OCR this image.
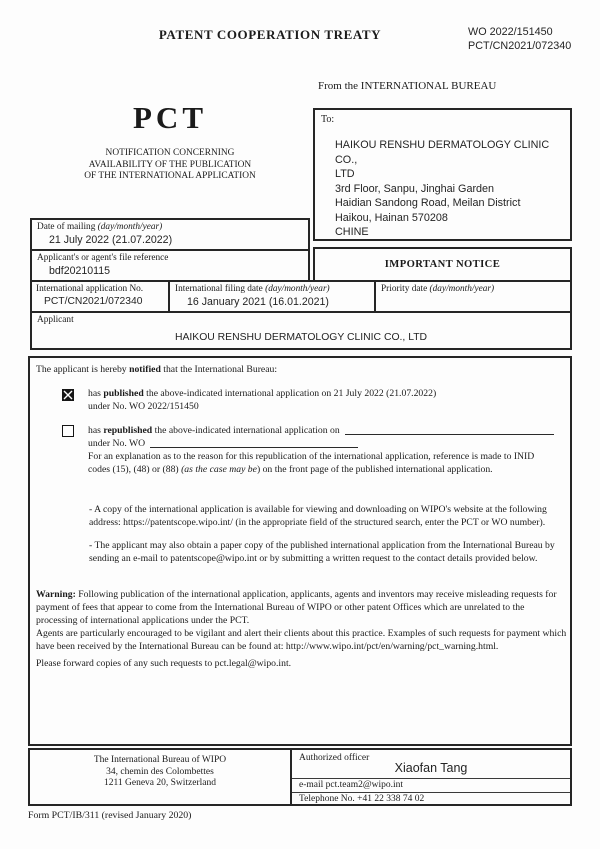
PATENT COOPERATION TREATY	WO 2022/151450
PCT/CN2021/072340
From the INTERNATIONAL BUREAU
PCT
NOTIFICATION CONCERNING
AVAILABILITY OF THE PUBLICATION
OF THE INTERNATIONAL APPLICATION
To:
HAIKOU RENSHU DERMATOLOGY CLINIC CO.,
LTD
3rd Floor, Sanpu, Jinghai Garden
Haidian Sandong Road, Meilan District
Haikou, Hainan 570208
CHINE
Date of mailing (day/month/year)
21 July 2022 (21.07.2022)
Applicant's or agent's file reference
bdf20210115
IMPORTANT NOTICE
International application No.
PCT/CN2021/072340
International filing date (day/month/year)
16 January 2021 (16.01.2021)
Priority date (day/month/year)
Applicant
HAIKOU RENSHU DERMATOLOGY CLINIC CO., LTD

The applicant is hereby notified that the International Bureau:

has published the above-indicated international application on 21 July 2022 (21.07.2022)
under No. WO 2022/151450
has republished the above-indicated international application on
under No. WO
For an explanation as to the reason for this republication of the international application, reference is made to INID codes (15), (48) or (88) (as the case may be) on the front page of the published international application.

- A copy of the international application is available for viewing and downloading on WIPO's website at the following address: https://patentscope.wipo.int/ (in the appropriate field of the structured search, enter the PCT or WO number).

- The applicant may also obtain a paper copy of the published international application from the International Bureau by sending an e-mail to patentscope@wipo.int or by submitting a written request to the contact details provided below.

Warning: Following publication of the international application, applicants, agents and inventors may receive misleading requests for payment of fees that appear to come from the International Bureau of WIPO or other patent Offices which are unrelated to the processing of international applications under the PCT.

Agents are particularly encouraged to be vigilant and alert their clients about this practice. Examples of such requests for payment which have been received by the International Bureau can be found at: http://www.wipo.int/pct/en/warning/pct_warning.html.

Please forward copies of any such requests to pct.legal@wipo.int.

The International Bureau of WIPO
34, chemin des Colombettes
1211 Geneva 20, Switzerland
Authorized officer
Xiaofan Tang
e-mail pct.team2@wipo.int
Telephone No. +41 22 338 74 02
Form PCT/IB/311 (revised January 2020)
